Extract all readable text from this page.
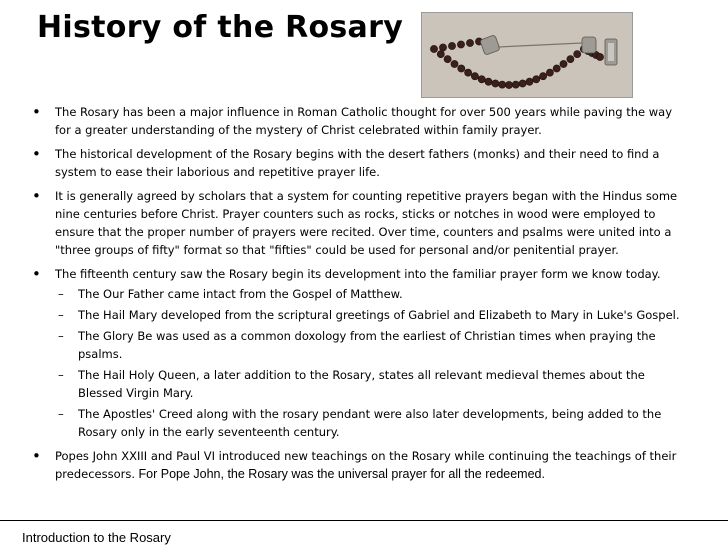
History of the Rosary
• The Rosary has been a major influence in Roman Catholic thought for over 500 years while paving the way for a greater understanding of the mystery of Christ celebrated within family prayer.
• The historical development of the Rosary begins with the desert fathers (monks) and their need to find a system to ease their laborious and repetitive prayer life.
• It is generally agreed by scholars that a system for counting repetitive prayers began with the Hindus some nine centuries before Christ. Prayer counters such as rocks, sticks or notches in wood were employed to ensure that the proper number of prayers were recited. Over time, counters and psalms were united into a "three groups of fifty" format so that "fifties" could be used for personal and/or penitential prayer.
• The fifteenth century saw the Rosary begin its development into the familiar prayer form we know today.
– The Our Father came intact from the Gospel of Matthew.
– The Hail Mary developed from the scriptural greetings of Gabriel and Elizabeth to Mary in Luke's Gospel.
– The Glory Be was used as a common doxology from the earliest of Christian times when praying the psalms.
– The Hail Holy Queen, a later addition to the Rosary, states all relevant medieval themes about the Blessed Virgin Mary.
– The Apostles' Creed along with the rosary pendant were also later developments, being added to the Rosary only in the early seventeenth century.
• Popes John XXIII and Paul VI introduced new teachings on the Rosary while continuing the teachings of their predecessors. For Pope John, the Rosary was the universal prayer for all the redeemed.
Introduction to the Rosary
